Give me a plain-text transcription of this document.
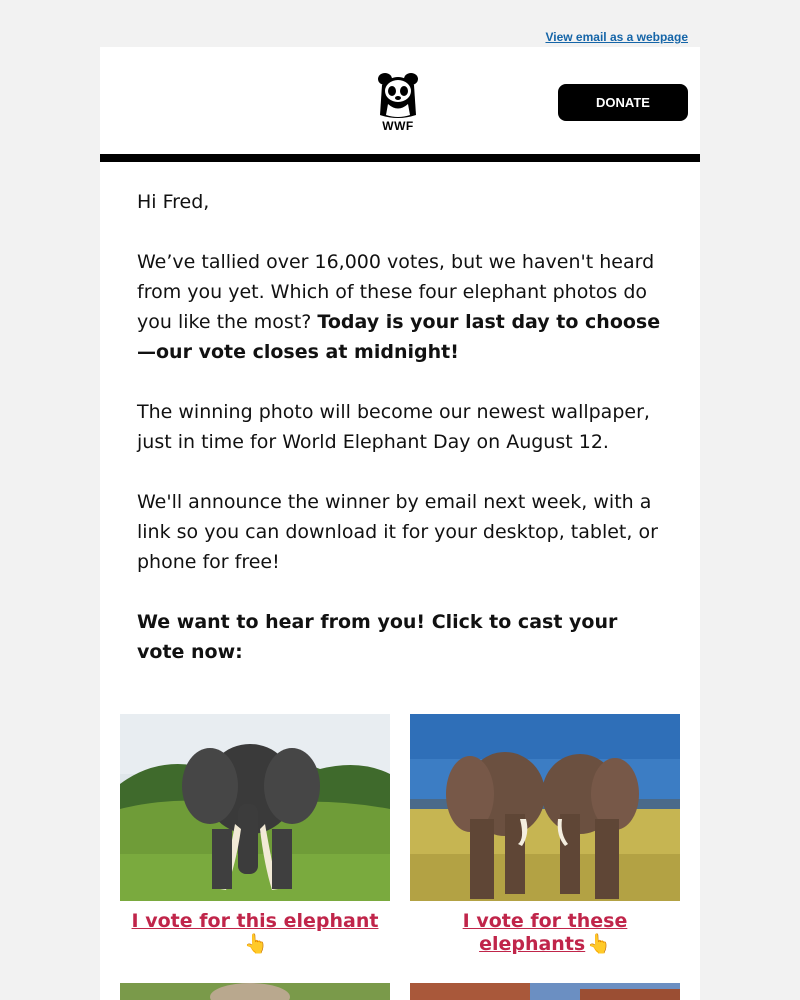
View email as a webpage
WWF
DONATE

Hi Fred,

We’ve tallied over 16,000 votes, but we haven't heard from you yet. Which of these four elephant photos do you like the most? Today is your last day to choose—our vote closes at midnight!

The winning photo will become our newest wallpaper, just in time for World Elephant Day on August 12.

We'll announce the winner by email next week, with a link so you can download it for your desktop, tablet, or phone for free!

We want to hear from you! Click to cast your vote now:

I vote for this elephant👆
I vote for these elephants 👆
